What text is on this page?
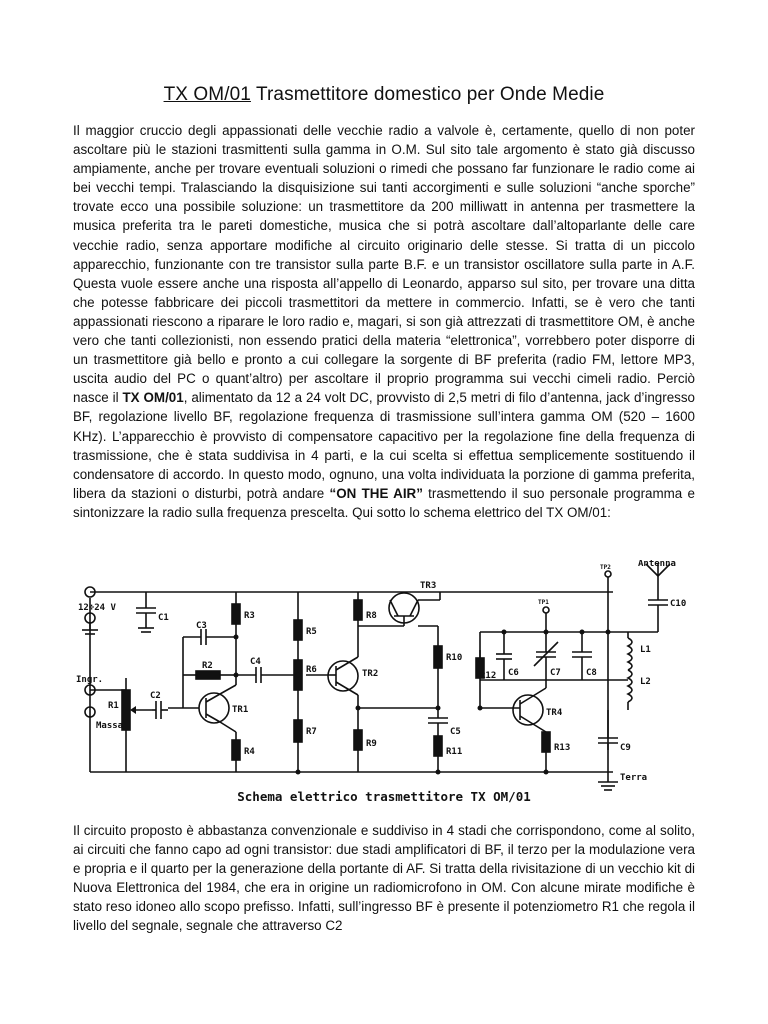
TX OM/01 Trasmettitore domestico per Onde Medie

Il maggior cruccio degli appassionati delle vecchie radio a valvole è, certamente, quello di non poter ascoltare più le stazioni trasmittenti sulla gamma in O.M. Sul sito tale argomento è stato già discusso ampiamente, anche per trovare eventuali soluzioni o rimedi che possano far funzionare le radio come ai bei vecchi tempi. Tralasciando la disquisizione sui tanti accorgimenti e sulle soluzioni “anche sporche” trovate ecco una possibile soluzione: un trasmettitore da 200 milliwatt in antenna per trasmettere la musica preferita tra le pareti domestiche, musica che si potrà ascoltare dall’altoparlante delle care vecchie radio, senza apportare modifiche al circuito originario delle stesse. Si tratta di un piccolo apparecchio, funzionante con tre transistor sulla parte B.F. e un transistor oscillatore sulla parte in A.F. Questa vuole essere anche una risposta all’appello di Leonardo, apparso sul sito, per trovare una ditta che potesse fabbricare dei piccoli trasmettitori da mettere in commercio. Infatti, se è vero che tanti appassionati riescono a riparare le loro radio e, magari, si son già attrezzati di trasmettitore OM, è anche vero che tanti collezionisti, non essendo pratici della materia “elettronica”, vorrebbero poter disporre di un trasmettitore già bello e pronto a cui collegare la sorgente di BF preferita (radio FM, lettore MP3, uscita audio del PC o quant’altro) per ascoltare il proprio programma sui vecchi cimeli radio. Perciò nasce il TX OM/01, alimentato da 12 a 24 volt DC, provvisto di 2,5 metri di filo d’antenna, jack d’ingresso BF, regolazione livello BF, regolazione frequenza di trasmissione sull’intera gamma OM (520 – 1600 KHz). L’apparecchio è provvisto di compensatore capacitivo per la regolazione fine della frequenza di trasmissione, che è stata suddivisa in 4 parti, e la cui scelta si effettua semplicemente sostituendo il condensatore di accordo. In questo modo, ognuno, una volta individuata la porzione di gamma preferita, libera da stazioni o disturbi, potrà andare “ON THE AIR” trasmettendo il suo personale programma e sintonizzare la radio sulla frequenza prescelta. Qui sotto lo schema elettrico del TX OM/01:

12÷24 V
Ingr.
Massa
Antenna
Terra
TP1
TP2
C1
C2
C3
C4
C5
C6	C7	C8
C9
C10
R1
R2
R3
R4
R5
R6
R7
R8
R9
R10
R11
R12
R13
TR1
TR2
TR3
TR4
L1
L2
Schema elettrico trasmettitore TX OM/01

Il circuito proposto è abbastanza convenzionale e suddiviso in 4 stadi che corrispondono, come al solito, ai circuiti che fanno capo ad ogni transistor: due stadi amplificatori di BF, il terzo per la modulazione vera e propria e il quarto per la generazione della portante di AF. Si tratta della rivisitazione di un vecchio kit di Nuova Elettronica del 1984, che era in origine un radiomicrofono in OM. Con alcune mirate modifiche è stato reso idoneo allo scopo prefisso. Infatti, sull’ingresso BF è presente il potenziometro R1 che regola il livello del segnale, segnale che attraverso C2
